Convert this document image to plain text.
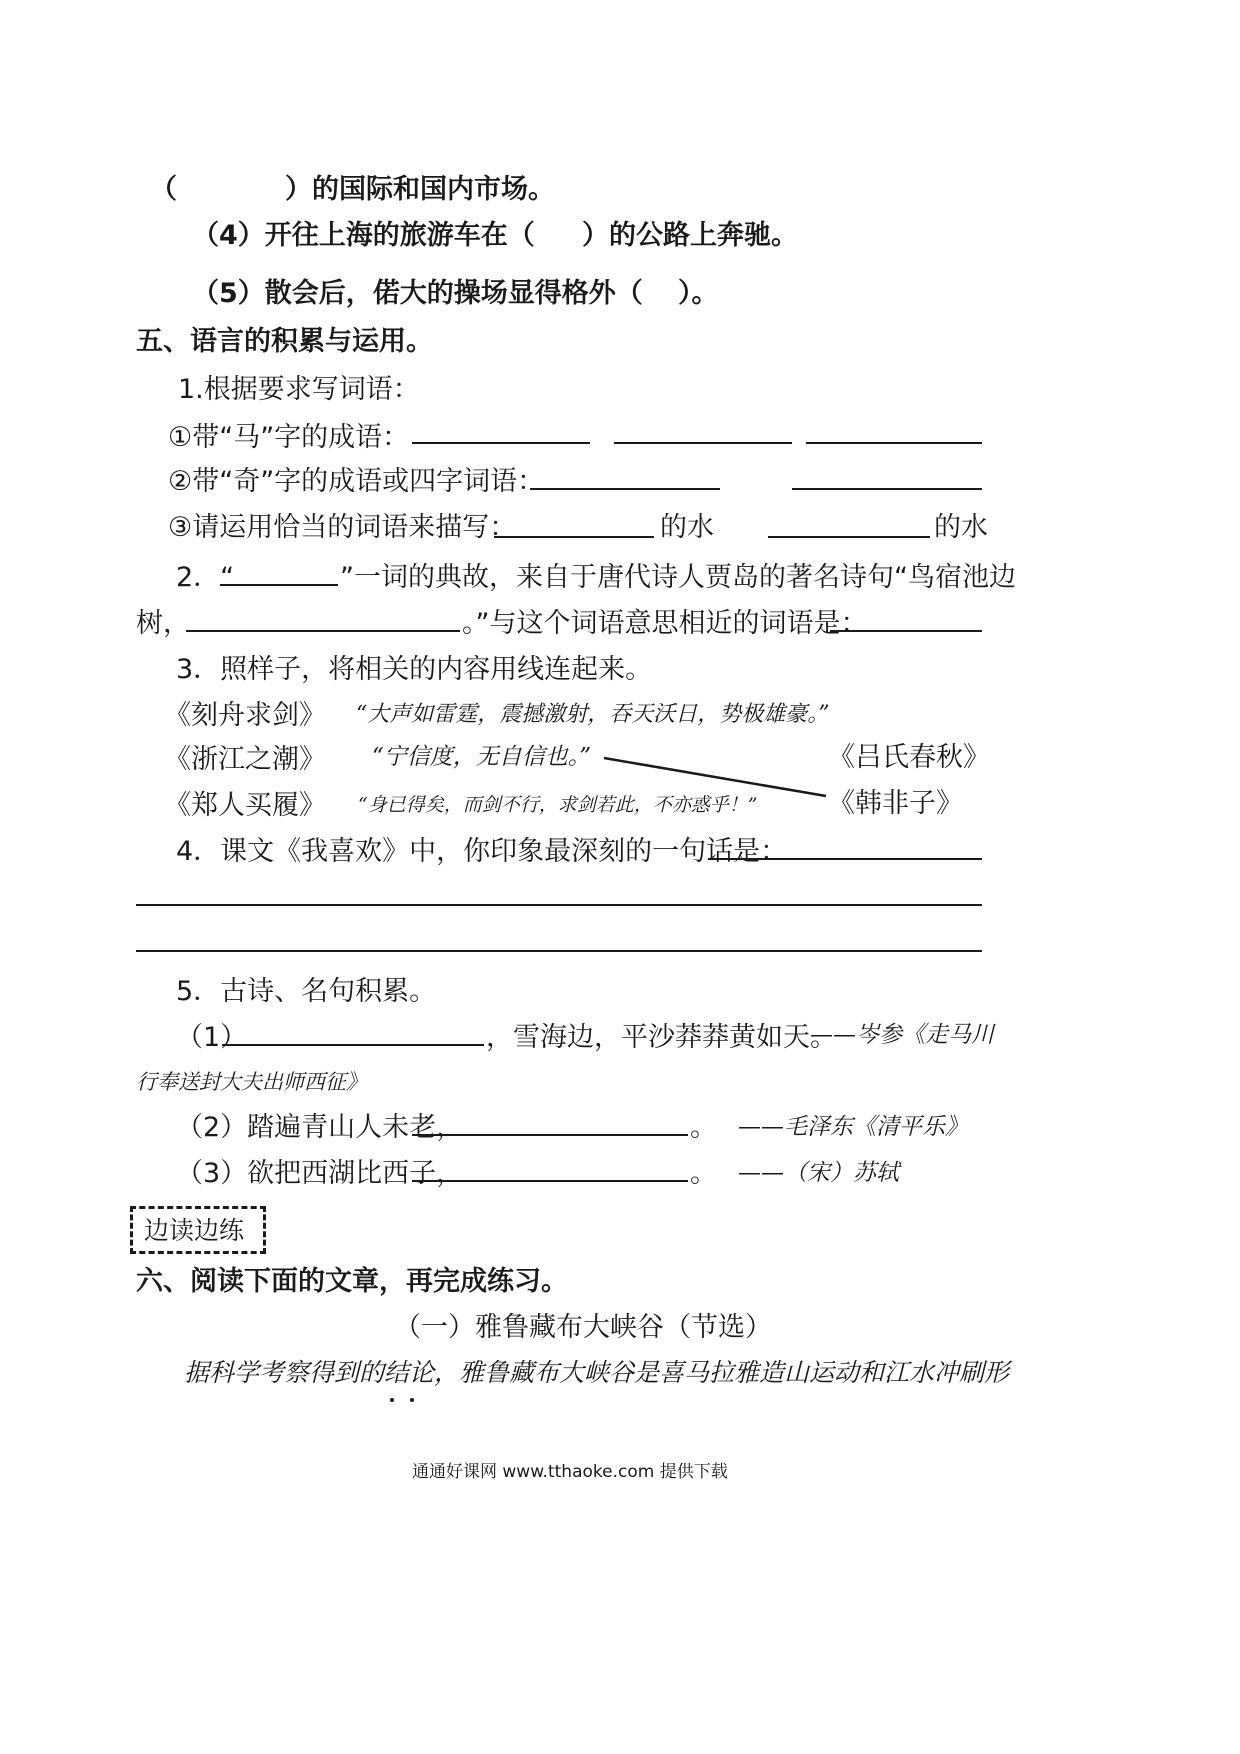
（　　　　）的国际和国内市场。
（4）开往上海的旅游车在（ ）的公路上奔驰。
（5）散会后，偌大的操场显得格外（ ）。
五、语言的积累与运用。
1.根据要求写词语：
①带“马”字的成语：
②带“奇”字的成语或四字词语：
③请运用恰当的词语来描写：	的水	的水
2．“	”一词的典故，来自于唐代诗人贾岛的著名诗句“鸟宿池边
树，	。”与这个词语意思相近的词语是：
3．照样子，将相关的内容用线连起来。
《刻舟求剑》 “大声如雷霆，震撼激射，吞天沃日，势极雄豪。”
《浙江之潮》 “宁信度，无自信也。”	《吕氏春秋》
《郑人买履》 “身已得矣，而剑不行，求剑若此，不亦惑乎！”	《韩非子》
4．课文《我喜欢》中，你印象最深刻的一句话是：
5．古诗、名句积累。
（1）	，雪海边，平沙莽莽黄如天。
——岑参《走马川
行奉送封大夫出师西征》
（2）踏遍青山人未老，	。 ——毛泽东《清平乐》
（3）欲把西湖比西子，	。 ——（宋）苏轼
边读边练
六、阅读下面的文章，再完成练习。
（一）雅鲁藏布大峡谷（节选）
据科学考察得到的结论，雅鲁藏布大峡谷是喜马拉雅造山运动和江水冲刷形
通通好课网 www.tthaoke.com 提供下载
